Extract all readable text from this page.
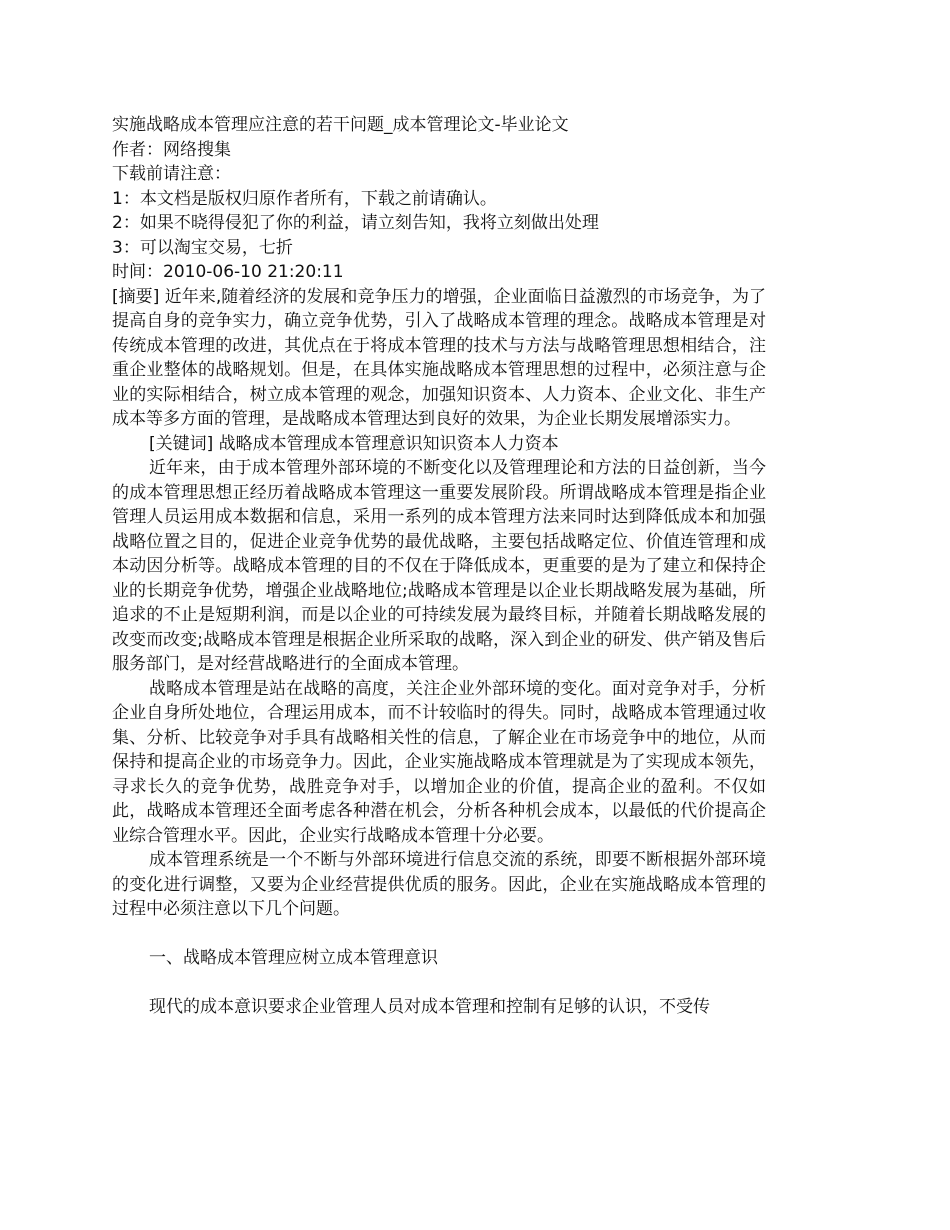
实施战略成本管理应注意的若干问题_成本管理论文-毕业论文

作者：网络搜集

下载前请注意：

1：本文档是版权归原作者所有，下载之前请确认。

2：如果不晓得侵犯了你的利益，请立刻告知，我将立刻做出处理

3：可以淘宝交易，七折

时间：2010-06-10 21:20:11

[摘要] 近年来,随着经济的发展和竞争压力的增强，企业面临日益激烈的市场竞争，为了提高自身的竞争实力，确立竞争优势，引入了战略成本管理的理念。战略成本管理是对传统成本管理的改进，其优点在于将成本管理的技术与方法与战略管理思想相结合，注重企业整体的战略规划。但是，在具体实施战略成本管理思想的过程中，必须注意与企业的实际相结合，树立成本管理的观念，加强知识资本、人力资本、企业文化、非生产成本等多方面的管理，是战略成本管理达到良好的效果，为企业长期发展增添实力。

[关键词] 战略成本管理成本管理意识知识资本人力资本

近年来，由于成本管理外部环境的不断变化以及管理理论和方法的日益创新，当今的成本管理思想正经历着战略成本管理这一重要发展阶段。所谓战略成本管理是指企业管理人员运用成本数据和信息，采用一系列的成本管理方法来同时达到降低成本和加强战略位置之目的，促进企业竞争优势的最优战略，主要包括战略定位、价值连管理和成本动因分析等。战略成本管理的目的不仅在于降低成本，更重要的是为了建立和保持企业的长期竞争优势，增强企业战略地位;战略成本管理是以企业长期战略发展为基础，所追求的不止是短期利润，而是以企业的可持续发展为最终目标，并随着长期战略发展的改变而改变;战略成本管理是根据企业所采取的战略，深入到企业的研发、供产销及售后服务部门，是对经营战略进行的全面成本管理。

战略成本管理是站在战略的高度，关注企业外部环境的变化。面对竞争对手，分析企业自身所处地位，合理运用成本，而不计较临时的得失。同时，战略成本管理通过收集、分析、比较竞争对手具有战略相关性的信息，了解企业在市场竞争中的地位，从而保持和提高企业的市场竞争力。因此，企业实施战略成本管理就是为了实现成本领先，寻求长久的竞争优势，战胜竞争对手，以增加企业的价值，提高企业的盈利。不仅如此，战略成本管理还全面考虑各种潜在机会，分析各种机会成本，以最低的代价提高企业综合管理水平。因此，企业实行战略成本管理十分必要。

成本管理系统是一个不断与外部环境进行信息交流的系统，即要不断根据外部环境的变化进行调整，又要为企业经营提供优质的服务。因此，企业在实施战略成本管理的过程中必须注意以下几个问题。

一、战略成本管理应树立成本管理意识

现代的成本意识要求企业管理人员对成本管理和控制有足够的认识，不受传
